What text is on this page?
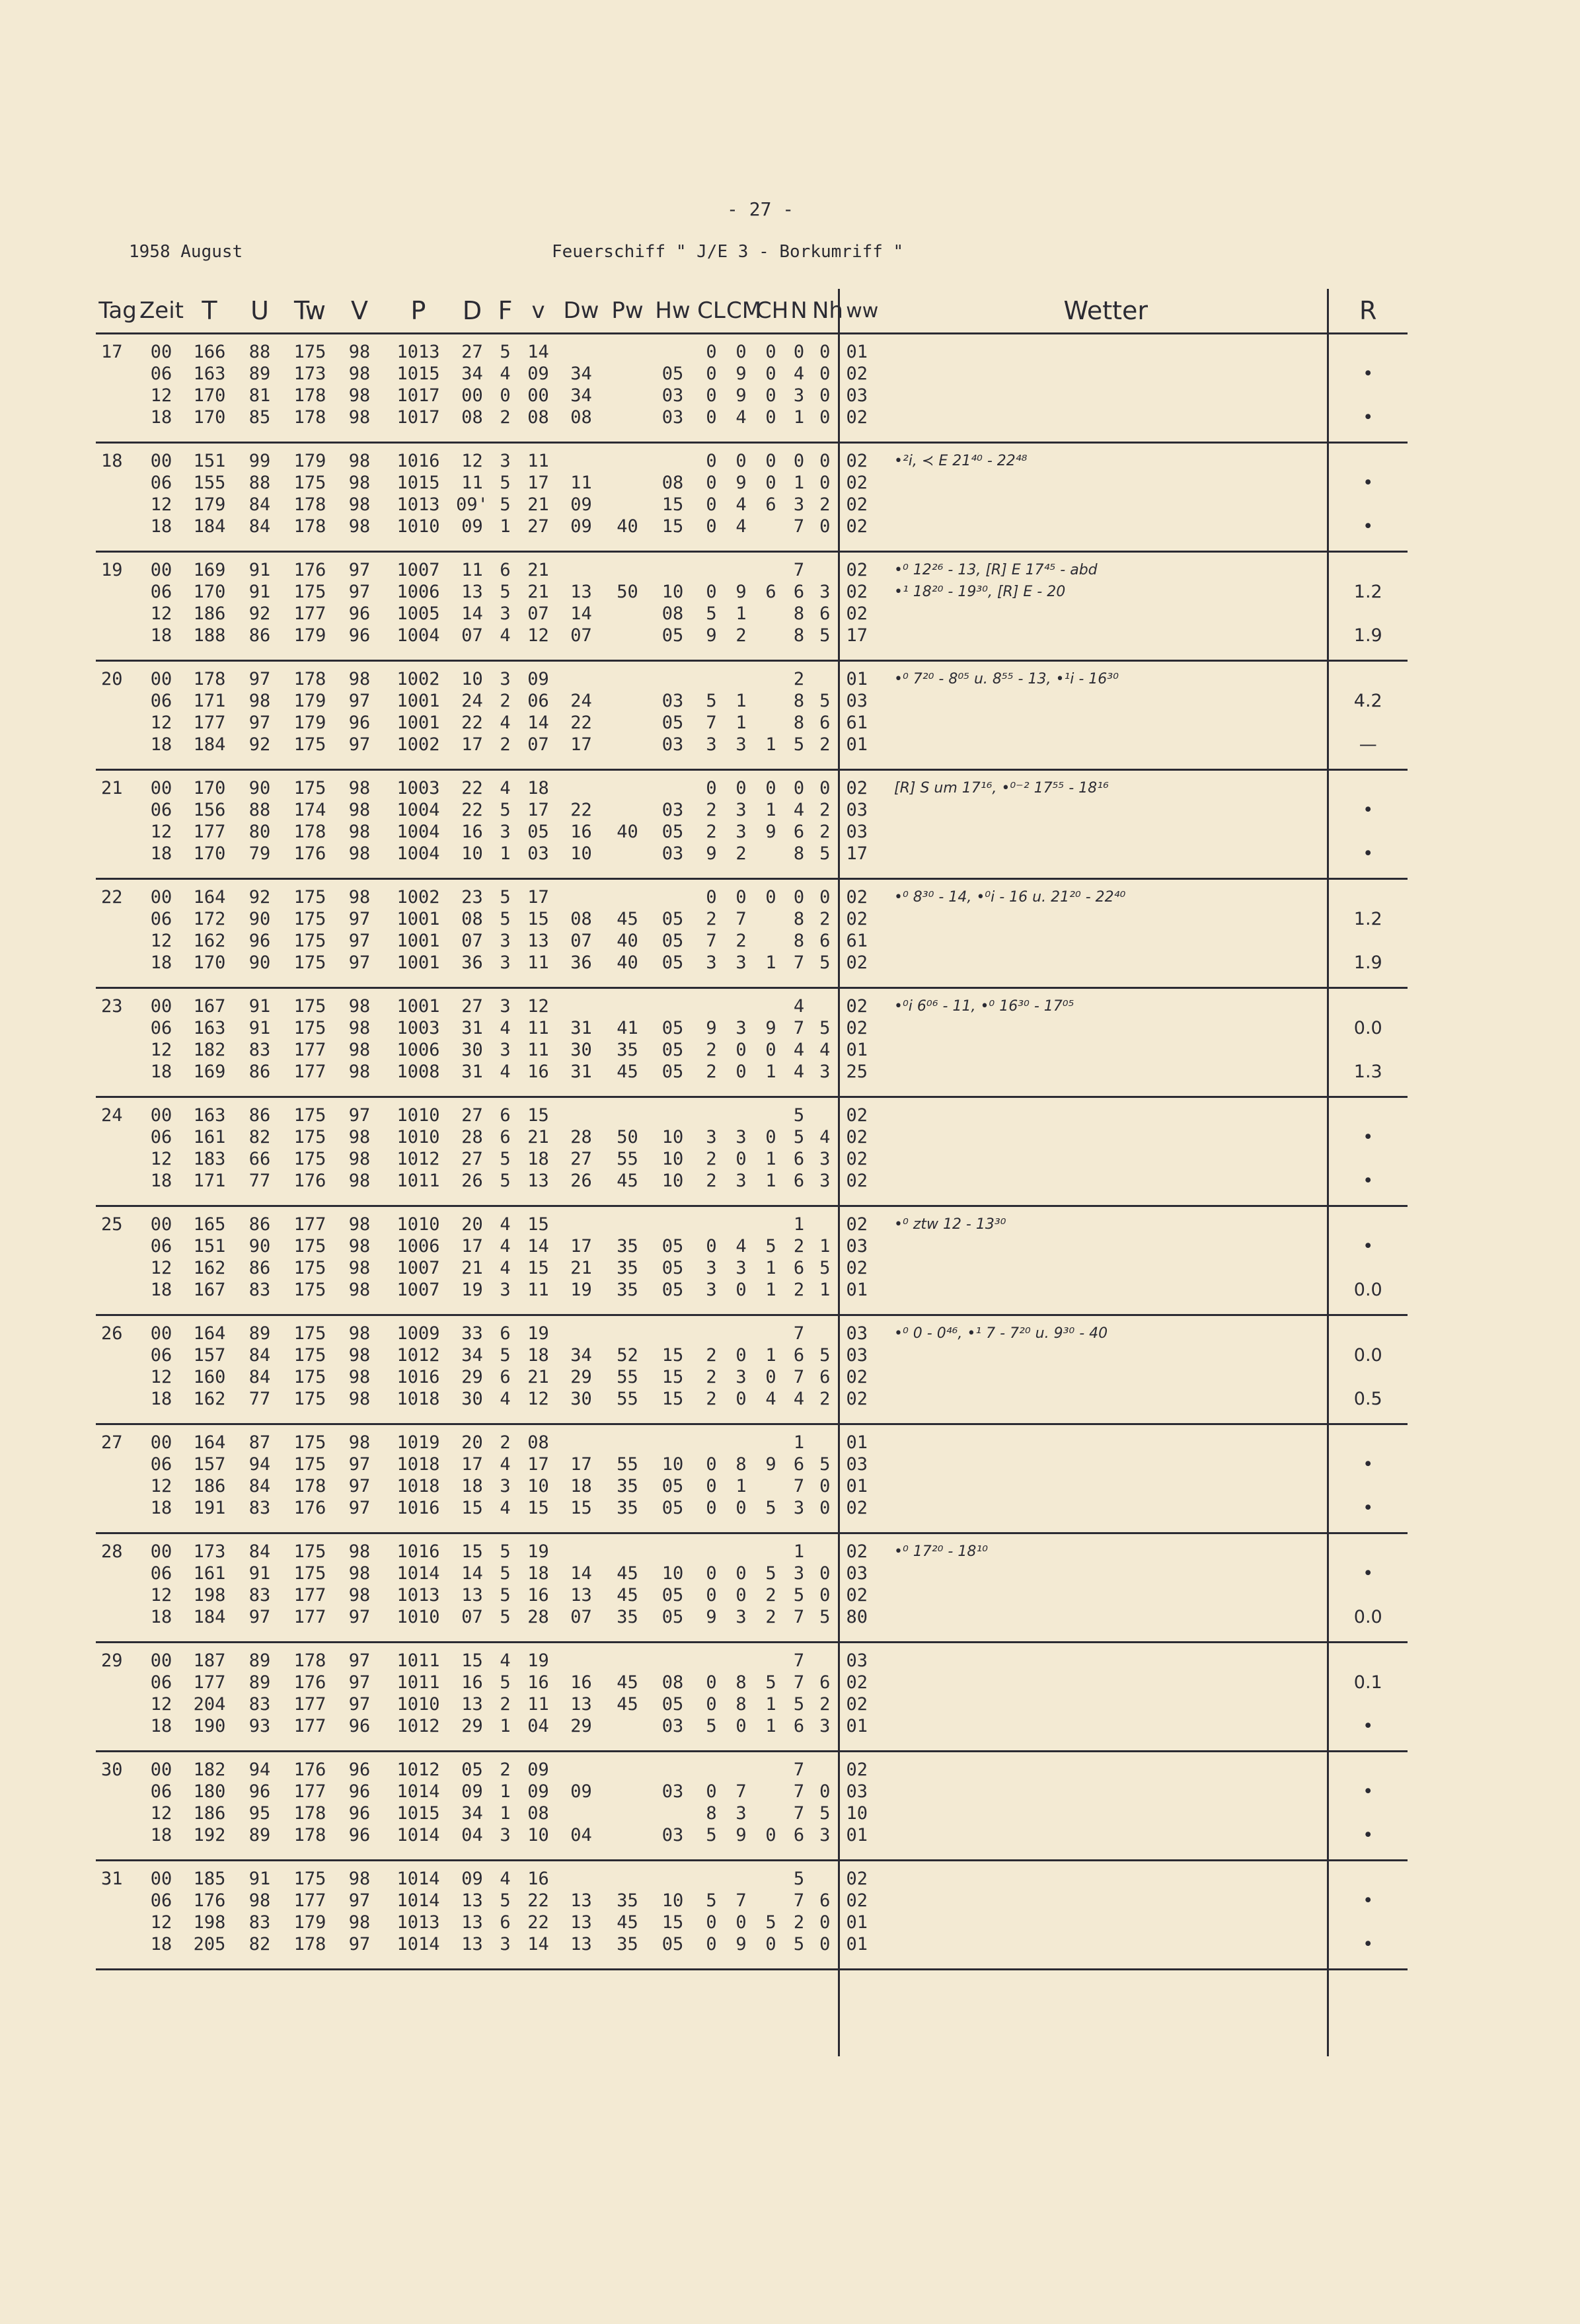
- 27 -
1958 August	Feuerschiff " J/E 3 - Borkumriff "
Tag	Zeit	T	U	Tw	V	P	D	F	v	Dw	Pw	Hw	CL	CM	CH	N	Nh	ww	Wetter	R
17	00	166	88	175	98	1013	27	5	14				0	0	0	0	0	01		
	06	163	89	173	98	1015	34	4	09	34		05	0	9	0	4	0	02		•
	12	170	81	178	98	1017	00	0	00	34		03	0	9	0	3	0	03		
	18	170	85	178	98	1017	08	2	08	08		03	0	4	0	1	0	02		•
18	00	151	99	179	98	1016	12	3	11				0	0	0	0	0	02	•²i, ≺ E 21⁴⁰ - 22⁴⁸	
	06	155	88	175	98	1015	11	5	17	11		08	0	9	0	1	0	02		•
	12	179	84	178	98	1013	09'	5	21	09		15	0	4	6	3	2	02		
	18	184	84	178	98	1010	09	1	27	09	40	15	0	4		7	0	02		•
19	00	169	91	176	97	1007	11	6	21							7		02	•⁰ 12²⁶ - 13, [R] E 17⁴⁵ - abd	
	06	170	91	175	97	1006	13	5	21	13	50	10	0	9	6	6	3	02	•¹ 18²⁰ - 19³⁰, [R] E - 20	1.2
	12	186	92	177	96	1005	14	3	07	14		08	5	1		8	6	02		
	18	188	86	179	96	1004	07	4	12	07		05	9	2		8	5	17		1.9
20	00	178	97	178	98	1002	10	3	09							2		01	•⁰ 7²⁰ - 8⁰⁵ u. 8⁵⁵ - 13, •¹i - 16³⁰	
	06	171	98	179	97	1001	24	2	06	24		03	5	1		8	5	03		4.2
	12	177	97	179	96	1001	22	4	14	22		05	7	1		8	6	61		
	18	184	92	175	97	1002	17	2	07	17		03	3	3	1	5	2	01		—
21	00	170	90	175	98	1003	22	4	18				0	0	0	0	0	02	[R] S um 17¹⁶, •⁰⁻² 17⁵⁵ - 18¹⁶	
	06	156	88	174	98	1004	22	5	17	22		03	2	3	1	4	2	03		•
	12	177	80	178	98	1004	16	3	05	16	40	05	2	3	9	6	2	03		
	18	170	79	176	98	1004	10	1	03	10		03	9	2		8	5	17		•
22	00	164	92	175	98	1002	23	5	17				0	0	0	0	0	02	•⁰ 8³⁰ - 14, •⁰i - 16 u. 21²⁰ - 22⁴⁰	
	06	172	90	175	97	1001	08	5	15	08	45	05	2	7		8	2	02		1.2
	12	162	96	175	97	1001	07	3	13	07	40	05	7	2		8	6	61		
	18	170	90	175	97	1001	36	3	11	36	40	05	3	3	1	7	5	02		1.9
23	00	167	91	175	98	1001	27	3	12							4		02	•⁰i 6⁰⁶ - 11, •⁰ 16³⁰ - 17⁰⁵	
	06	163	91	175	98	1003	31	4	11	31	41	05	9	3	9	7	5	02		0.0
	12	182	83	177	98	1006	30	3	11	30	35	05	2	0	0	4	4	01		
	18	169	86	177	98	1008	31	4	16	31	45	05	2	0	1	4	3	25		1.3
24	00	163	86	175	97	1010	27	6	15							5		02		
	06	161	82	175	98	1010	28	6	21	28	50	10	3	3	0	5	4	02		•
	12	183	66	175	98	1012	27	5	18	27	55	10	2	0	1	6	3	02		
	18	171	77	176	98	1011	26	5	13	26	45	10	2	3	1	6	3	02		•
25	00	165	86	177	98	1010	20	4	15							1		02	•⁰ ztw 12 - 13³⁰	
	06	151	90	175	98	1006	17	4	14	17	35	05	0	4	5	2	1	03		•
	12	162	86	175	98	1007	21	4	15	21	35	05	3	3	1	6	5	02		
	18	167	83	175	98	1007	19	3	11	19	35	05	3	0	1	2	1	01		0.0
26	00	164	89	175	98	1009	33	6	19							7		03	•⁰ 0 - 0⁴⁶, •¹ 7 - 7²⁰ u. 9³⁰ - 40	
	06	157	84	175	98	1012	34	5	18	34	52	15	2	0	1	6	5	03		0.0
	12	160	84	175	98	1016	29	6	21	29	55	15	2	3	0	7	6	02		
	18	162	77	175	98	1018	30	4	12	30	55	15	2	0	4	4	2	02		0.5
27	00	164	87	175	98	1019	20	2	08							1		01		
	06	157	94	175	97	1018	17	4	17	17	55	10	0	8	9	6	5	03		•
	12	186	84	178	97	1018	18	3	10	18	35	05	0	1		7	0	01		
	18	191	83	176	97	1016	15	4	15	15	35	05	0	0	5	3	0	02		•
28	00	173	84	175	98	1016	15	5	19							1		02	•⁰ 17²⁰ - 18¹⁰	
	06	161	91	175	98	1014	14	5	18	14	45	10	0	0	5	3	0	03		•
	12	198	83	177	98	1013	13	5	16	13	45	05	0	0	2	5	0	02		
	18	184	97	177	97	1010	07	5	28	07	35	05	9	3	2	7	5	80		0.0
29	00	187	89	178	97	1011	15	4	19							7		03		
	06	177	89	176	97	1011	16	5	16	16	45	08	0	8	5	7	6	02		0.1
	12	204	83	177	97	1010	13	2	11	13	45	05	0	8	1	5	2	02		
	18	190	93	177	96	1012	29	1	04	29		03	5	0	1	6	3	01		•
30	00	182	94	176	96	1012	05	2	09							7		02		
	06	180	96	177	96	1014	09	1	09	09		03	0	7		7	0	03		•
	12	186	95	178	96	1015	34	1	08				8	3		7	5	10		
	18	192	89	178	96	1014	04	3	10	04		03	5	9	0	6	3	01		•
31	00	185	91	175	98	1014	09	4	16							5		02		
	06	176	98	177	97	1014	13	5	22	13	35	10	5	7		7	6	02		•
	12	198	83	179	98	1013	13	6	22	13	45	15	0	0	5	2	0	01		
	18	205	82	178	97	1014	13	3	14	13	35	05	0	9	0	5	0	01		•
